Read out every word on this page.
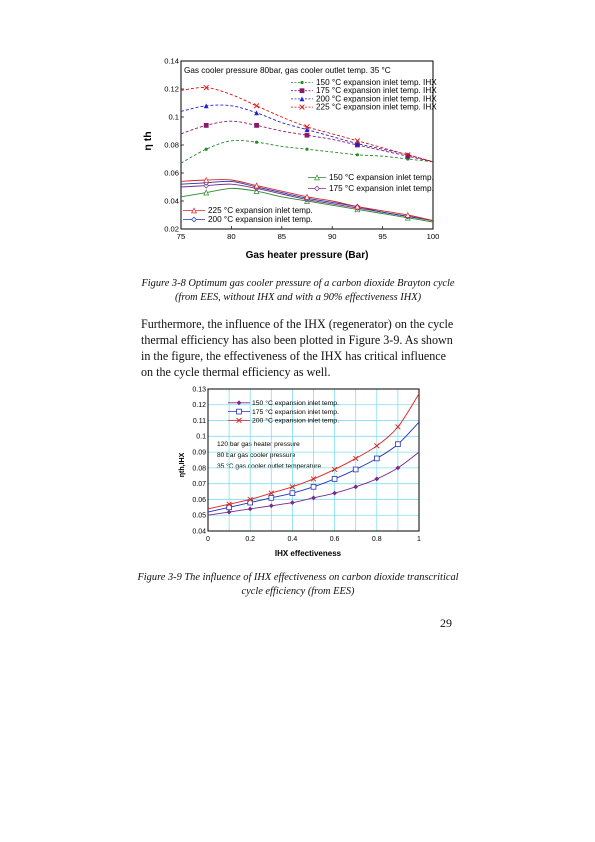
η th
Gas heater pressure (Bar)
Gas cooler pressure 80bar, gas cooler outlet temp. 35 °C
75	80	85	90	95	100
0.02
0.04
0.06
0.08
0.1
0.12
0.14
150 °C expansion inlet temp. IHX
175 °C expansion inlet temp. IHX
200 °C expansion inlet temp. IHX
225 °C expansion inlet temp. IHX
150 °C expansion inlet temp.
175 °C expansion inlet temp.
225 °C expansion inlet temp.
200 °C expansion inlet temp.
Figure 3-8 Optimum gas cooler pressure of a carbon dioxide Brayton cycle
(from EES, without IHX and with a 90% effectiveness IHX)
Furthermore, the influence of the IHX (regenerator) on the cycle
thermal efficiency has also been plotted in Figure 3-9. As shown
in the figure, the effectiveness of the IHX has critical influence
on the cycle thermal efficiency as well.
ηth,IHX
IHX effectiveness
120 bar gas heater pressure
80 bar gas cooler pressure
35 °C gas cooler outlet temperature
0	0.2	0.4	0.6	0.8	1
0.04
0.05
0.06
0.07
0.08
0.09
0.1
0.11
0.12
0.13
150 °C expansion inlet temp.
175 °C expansion inlet temp.
200 °C expansion inlet temp.
Figure 3-9 The influence of IHX effectiveness on carbon dioxide transcritical
cycle efficiency (from EES)
29
